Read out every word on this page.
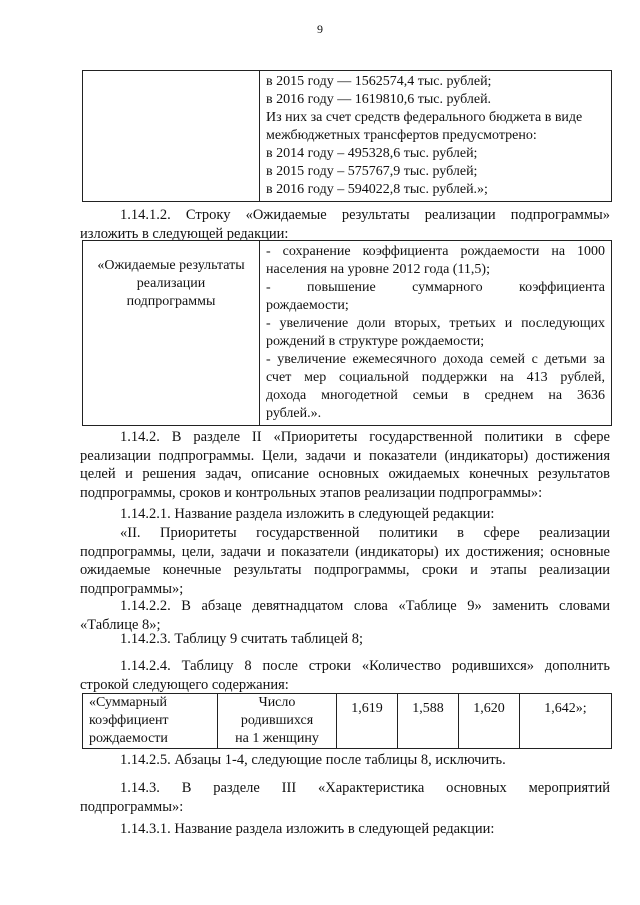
9

в 2015 году — 1562574,4 тыс. рублей;
в 2016 году — 1619810,6 тыс. рублей.
Из них за счет средств федерального бюджета в виде
межбюджетных трансфертов предусмотрено:
в 2014 году – 495328,6 тыс. рублей;
в 2015 году – 575767,9 тыс. рублей;
в 2016 году – 594022,8 тыс. рублей.»;
1.14.1.2. Строку «Ожидаемые результаты реализации подпрограммы»
изложить в следующей редакции:
«Ожидаемые результаты
реализации
подпрограммы

- сохранение коэффициента рождаемости на 1000
населения на уровне 2012 года (11,5);
- повышение суммарного коэффициента
рождаемости;
- увеличение доли вторых, третьих и последующих
рождений в структуре рождаемости;
- увеличение ежемесячного дохода семей с детьми за
счет мер социальной поддержки на 413 рублей,
дохода многодетной семьи в среднем на 3636
рублей.».
1.14.2. В разделе II «Приоритеты государственной политики в сфере
реализации подпрограммы. Цели, задачи и показатели (индикаторы) достижения
целей и решения задач, описание основных ожидаемых конечных результатов
подпрограммы, сроков и контрольных этапов реализации подпрограммы»:
1.14.2.1. Название раздела изложить в следующей редакции:
«II. Приоритеты государственной политики в сфере реализации
подпрограммы, цели, задачи и показатели (индикаторы) их достижения; основные
ожидаемые конечные результаты подпрограммы, сроки и этапы реализации
подпрограммы»;
1.14.2.2. В абзаце девятнадцатом слова «Таблице 9» заменить словами
«Таблице 8»;
1.14.2.3. Таблицу 9 считать таблицей 8;
1.14.2.4. Таблицу 8 после строки «Количество родившихся» дополнить
строкой следующего содержания:
«Суммарный
коэффициент
рождаемости

Число
родившихся
на 1 женщину
	1,619	1,588	1,620	1,642»;
1.14.2.5. Абзацы 1-4, следующие после таблицы 8, исключить.
1.14.3. В разделе III «Характеристика основных мероприятий
подпрограммы»:
1.14.3.1. Название раздела изложить в следующей редакции:
